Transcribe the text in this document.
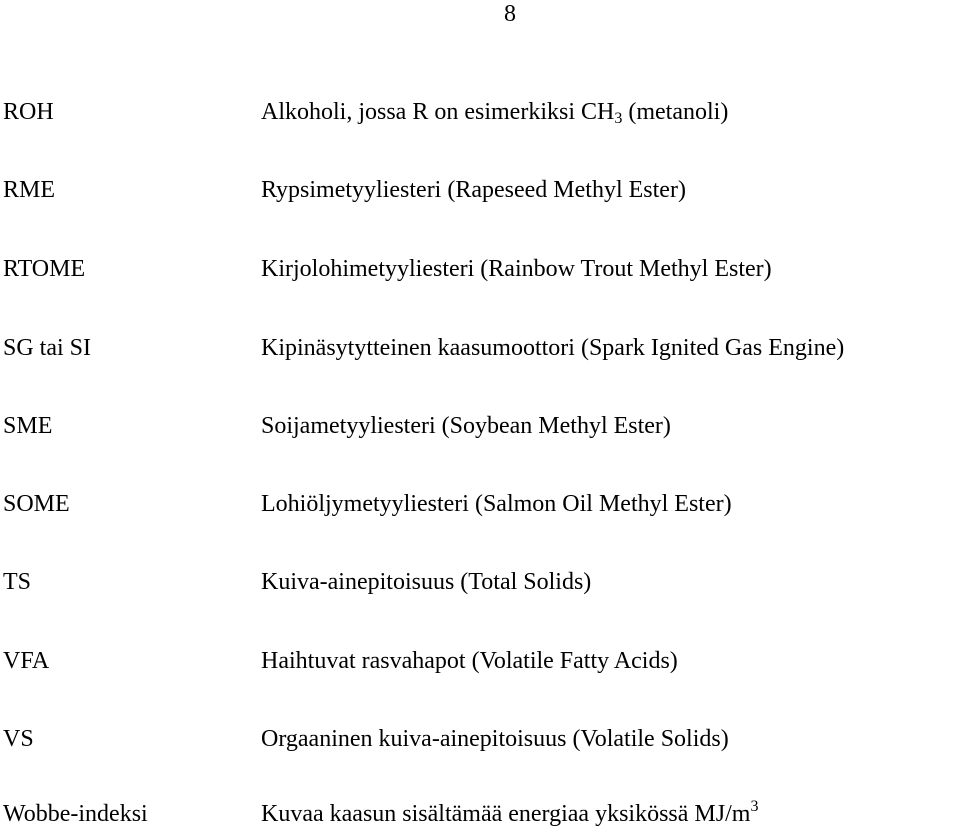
8
ROH	Alkoholi, jossa R on esimerkiksi $CH_3$ (metanoli)
RME	Rypsimetyyliesteri (Rapeseed Methyl Ester)
RTOME	Kirjolohimetyyliesteri (Rainbow Trout Methyl Ester)
SG tai SI	Kipinäsytytteinen kaasumoottori (Spark Ignited Gas Engine)
SME	Soijametyyliesteri (Soybean Methyl Ester)
SOME	Lohiöljymetyyliesteri (Salmon Oil Methyl Ester)
TS	Kuiva-ainepitoisuus (Total Solids)
VFA	Haihtuvat rasvahapot (Volatile Fatty Acids)
VS	Orgaaninen kuiva-ainepitoisuus (Volatile Solids)
Wobbe-indeksi	Kuvaa kaasun sisältämää energiaa yksikössä $MJ/m^3$
